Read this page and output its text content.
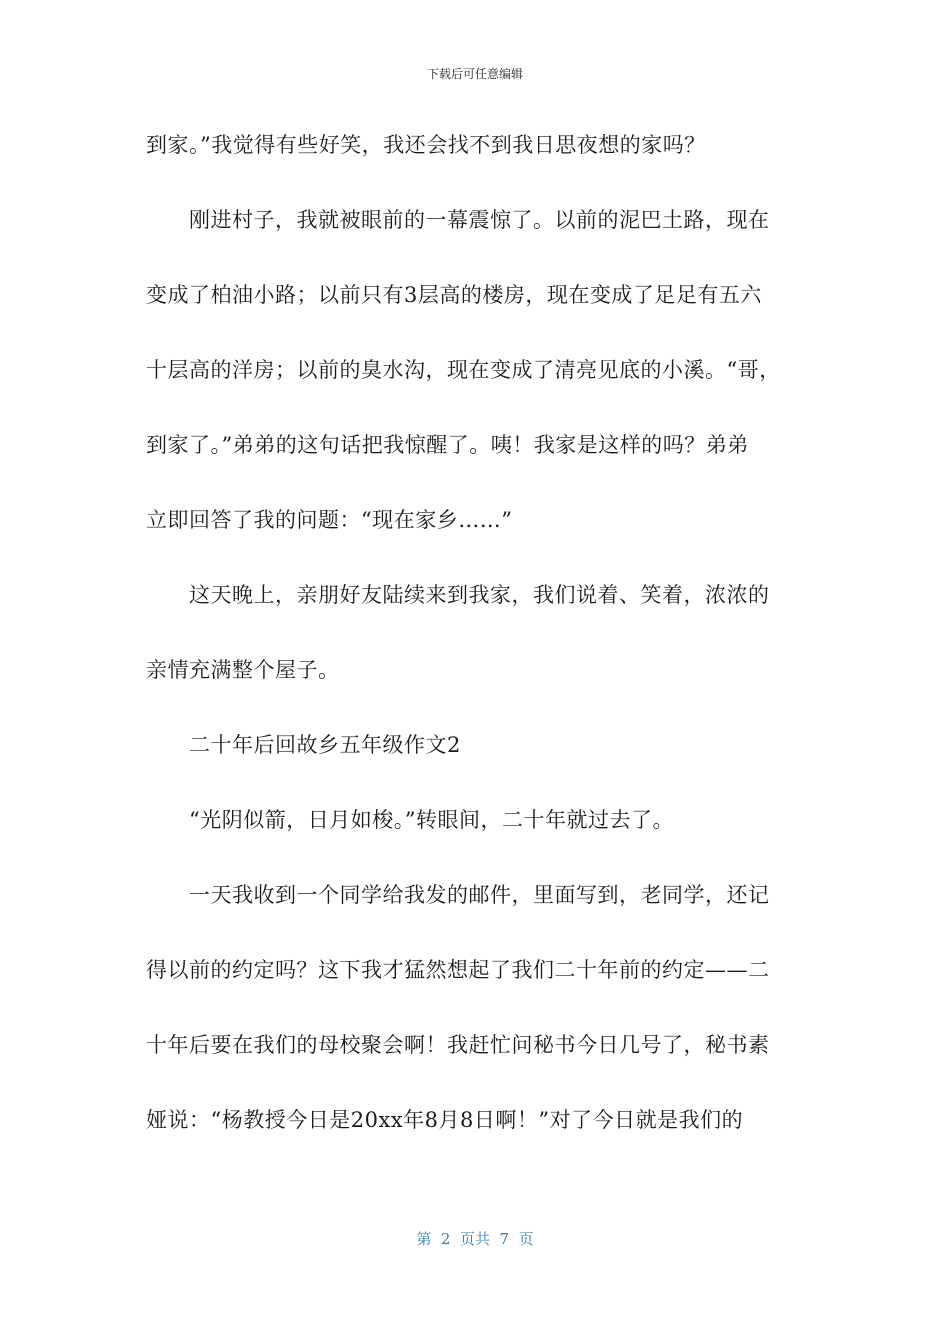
下载后可任意编辑
到家。”我觉得有些好笑，我还会找不到我日思夜想的家吗？
刚进村子，我就被眼前的一幕震惊了。以前的泥巴土路，现在
变成了柏油小路；以前只有3层高的楼房，现在变成了足足有五六
十层高的洋房；以前的臭水沟，现在变成了清亮见底的小溪。“哥，
到家了。”弟弟的这句话把我惊醒了。咦！我家是这样的吗？弟弟
立即回答了我的问题：“现在家乡……”
这天晚上，亲朋好友陆续来到我家，我们说着、笑着，浓浓的
亲情充满整个屋子。
二十年后回故乡五年级作文2
“光阴似箭，日月如梭。”转眼间，二十年就过去了。
一天我收到一个同学给我发的邮件，里面写到，老同学，还记
得以前的约定吗？这下我才猛然想起了我们二十年前的约定——二
十年后要在我们的母校聚会啊！我赶忙问秘书今日几号了，秘书素
娅说：“杨教授今日是20xx年8月8日啊！”对了今日就是我们的
第  2  页共  7  页
